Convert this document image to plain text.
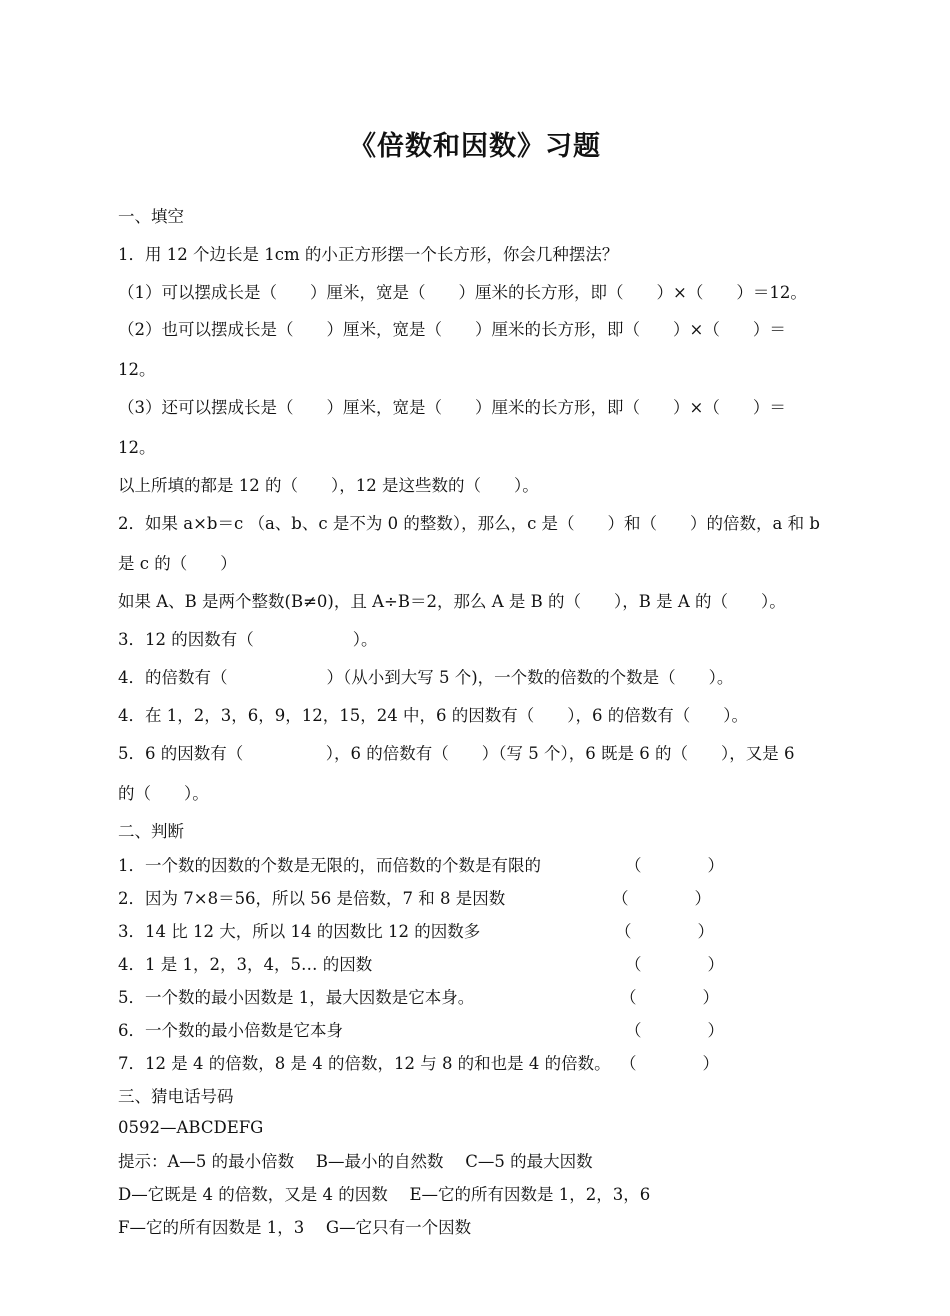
《倍数和因数》习题
一、填空
1．用 12 个边长是 1cm 的小正方形摆一个长方形，你会几种摆法？
（1）可以摆成长是（　　）厘米，宽是（　　）厘米的长方形，即（　　）×（　　）＝12。
（2）也可以摆成长是（　　）厘米，宽是（　　）厘米的长方形，即（　　）×（　　）＝
12。
（3）还可以摆成长是（　　）厘米，宽是（　　）厘米的长方形，即（　　）×（　　）＝
12。
以上所填的都是 12 的（　　），12 是这些数的（　　）。
2．如果 a×b＝c （a、b、c 是不为 0 的整数），那么，c 是（　　）和（　　）的倍数，a 和 b
是 c 的（　　）
如果 A、B 是两个整数(B≠0)，且 A÷B＝2，那么 A 是 B 的（　　），B 是 A 的（　　）。
3．12 的因数有（　　　　　　）。
4．的倍数有（　　　　　　）（从小到大写 5 个)，一个数的倍数的个数是（　　）。
4．在 1，2，3，6，9，12，15，24 中，6 的因数有（　　），6 的倍数有（　　）。
5．6 的因数有（　　　　　），6 的倍数有（　　）（写 5 个），6 既是 6 的（　　），又是 6
的（　　）。
二、判断
1．一个数的因数的个数是无限的，而倍数的个数是有限的	（　　　　）
2．因为 7×8＝56，所以 56 是倍数，7 和 8 是因数	（　　　　）
3．14 比 12 大，所以 14 的因数比 12 的因数多	（　　　　）
4．1 是 1，2，3，4，5… 的因数	（　　　　）
5．一个数的最小因数是 1，最大因数是它本身。	（　　　　）
6．一个数的最小倍数是它本身	（　　　　）
7．12 是 4 的倍数，8 是 4 的倍数，12 与 8 的和也是 4 的倍数。 （　　　　）
三、猜电话号码
0592—ABCDEFG
提示：A—5 的最小倍数　 B—最小的自然数　 C—5 的最大因数
D—它既是 4 的倍数，又是 4 的因数　 E—它的所有因数是 1，2，3，6
F—它的所有因数是 1，3　 G—它只有一个因数
